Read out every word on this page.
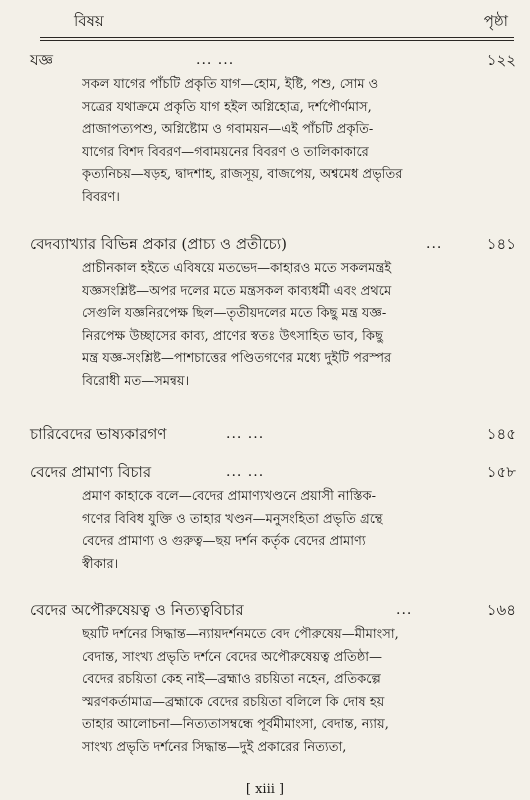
বিষয়	পৃষ্ঠা
যজ্ঞ	... ...	১২২
সকল যাগের পাঁচটি প্রকৃতি যাগ—হোম, ইষ্টি, পশু, সোম ও
সত্রের যথাক্রমে প্রকৃতি যাগ হইল অগ্নিহোত্র, দর্শপৌর্ণমাস,
প্রাজাপত্যপশু, অগ্নিষ্টোম ও গবাময়ন—এই পাঁচটি প্রকৃতি-
যাগের বিশদ বিবরণ—গবাময়নের বিবরণ ও তালিকাকারে
কৃত্যনিচয়—ষড়হ, দ্বাদশাহ, রাজসূয়, বাজপেয়, অশ্বমেধ প্রভৃতির
বিবরণ।
বেদব্যাখ্যার বিভিন্ন প্রকার (প্রাচ্য ও প্রতীচ্যে)	...	১৪১
প্রাচীনকাল হইতে এবিষয়ে মতভেদ—কাহারও মতে সকলমন্ত্রই
যজ্ঞসংশ্লিষ্ট—অপর দলের মতে মন্ত্রসকল কাব্যধর্মী এবং প্রথমে
সেগুলি যজ্ঞনিরপেক্ষ ছিল—তৃতীয়দলের মতে কিছু মন্ত্র যজ্ঞ-
নিরপেক্ষ উচ্ছাসের কাব্য, প্রাণের স্বতঃ উৎসাহিত ভাব, কিছু
মন্ত্র যজ্ঞ-সংশ্লিষ্ট—পাশচাত্তের পণ্ডিতগণের মধ্যে দুইটি পরস্পর
বিরোধী মত—সমন্বয়।
চারিবেদের ভাষ্যকারগণ	... ...	১৪৫
বেদের প্রামাণ্য বিচার	... ...	১৫৮
প্রমাণ কাহাকে বলে—বেদের প্রামাণ্যখণ্ডনে প্রয়াসী নাস্তিক-
গণের বিবিধ যুক্তি ও তাহার খণ্ডন—মনুসংহিতা প্রভৃতি গ্রন্থে
বেদের প্রামাণ্য ও গুরুত্ব—ছয় দর্শন কর্তৃক বেদের প্রামাণ্য
স্বীকার।
বেদের অপৌরুষেয়ত্ব ও নিত্যত্ববিচার	...	১৬৪
ছয়টি দর্শনের সিদ্ধান্ত—ন্যায়দর্শনমতে বেদ পৌরুষেয়—মীমাংসা,
বেদান্ত, সাংখ্য প্রভৃতি দর্শনে বেদের অপৌরুষেয়ত্ব প্রতিষ্ঠা—
বেদের রচয়িতা কেহ নাই—ব্রহ্মাও রচয়িতা নহেন, প্রতিকল্পে
স্মরণকর্তামাত্র—ব্রহ্মাকে বেদের রচয়িতা বলিলে কি দোষ হয়
তাহার আলোচনা—নিত্যতাসম্বন্ধে পূর্বমীমাংসা, বেদান্ত, ন্যায়,
সাংখ্য প্রভৃতি দর্শনের সিদ্ধান্ত—দুই প্রকারের নিত্যতা,
[ xiii ]
